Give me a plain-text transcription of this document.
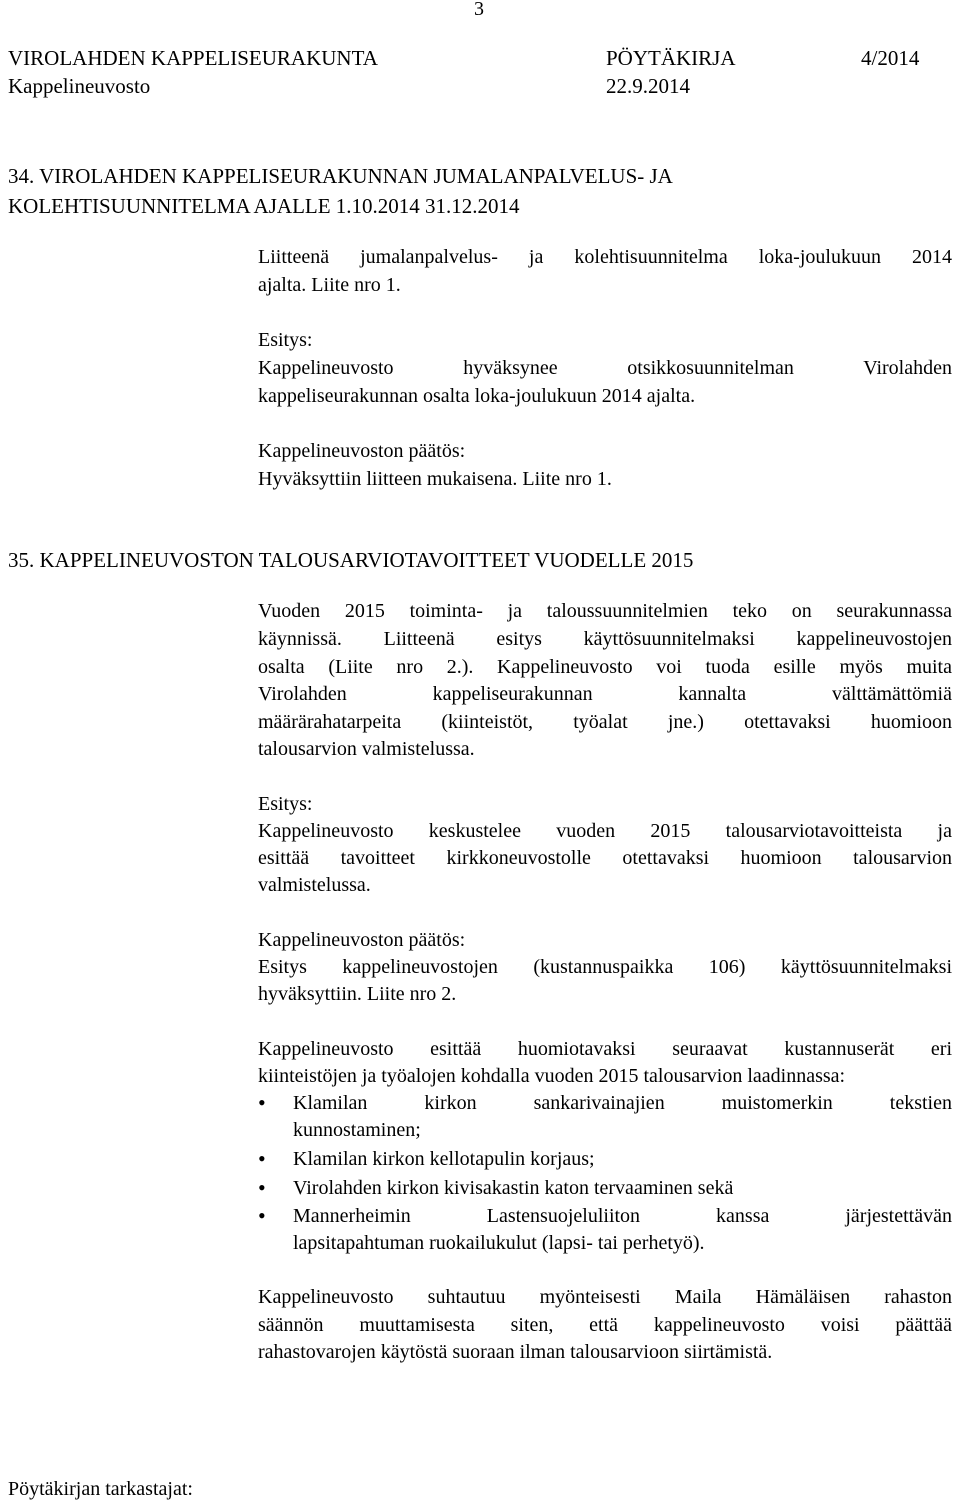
3
VIROLAHDEN KAPPELISEURAKUNTA	PÖYTÄKIRJA	4/2014
Kappelineuvosto	22.9.2014
34. VIROLAHDEN KAPPELISEURAKUNNAN JUMALANPALVELUS- JA
KOLEHTISUUNNITELMA AJALLE 1.10.2014 31.12.2014
Liitteenä jumalanpalvelus- ja kolehtisuunnitelma loka-joulukuun 2014
ajalta. Liite nro 1.
Esitys:
Kappelineuvosto hyväksynee otsikkosuunnitelman Virolahden
kappeliseurakunnan osalta loka-joulukuun 2014 ajalta.
Kappelineuvoston päätös:
Hyväksyttiin liitteen mukaisena. Liite nro 1.
35. KAPPELINEUVOSTON TALOUSARVIOTAVOITTEET VUODELLE 2015
Vuoden 2015 toiminta- ja taloussuunnitelmien teko on seurakunnassa
käynnissä. Liitteenä esitys käyttösuunnitelmaksi kappelineuvostojen
osalta (Liite nro 2.). Kappelineuvosto voi tuoda esille myös muita
Virolahden kappeliseurakunnan kannalta välttämättömiä
määrärahatarpeita (kiinteistöt, työalat jne.) otettavaksi huomioon
talousarvion valmistelussa.
Esitys:
Kappelineuvosto keskustelee vuoden 2015 talousarviotavoitteista ja
esittää tavoitteet kirkkoneuvostolle otettavaksi huomioon talousarvion
valmistelussa.
Kappelineuvoston päätös:
Esitys kappelineuvostojen (kustannuspaikka 106) käyttösuunnitelmaksi
hyväksyttiin. Liite nro 2.
Kappelineuvosto esittää huomiotavaksi seuraavat kustannuserät eri
kiinteistöjen ja työalojen kohdalla vuoden 2015 talousarvion laadinnassa:
• Klamilan kirkon sankarivainajien muistomerkin tekstien
kunnostaminen;
• Klamilan kirkon kellotapulin korjaus;
• Virolahden kirkon kivisakastin katon tervaaminen sekä
• Mannerheimin Lastensuojeluliiton kanssa järjestettävän
lapsitapahtuman ruokailukulut (lapsi- tai perhetyö).
Kappelineuvosto suhtautuu myönteisesti Maila Hämäläisen rahaston
säännön muuttamisesta siten, että kappelineuvosto voisi päättää
rahastovarojen käytöstä suoraan ilman talousarvioon siirtämistä.
Pöytäkirjan tarkastajat:
